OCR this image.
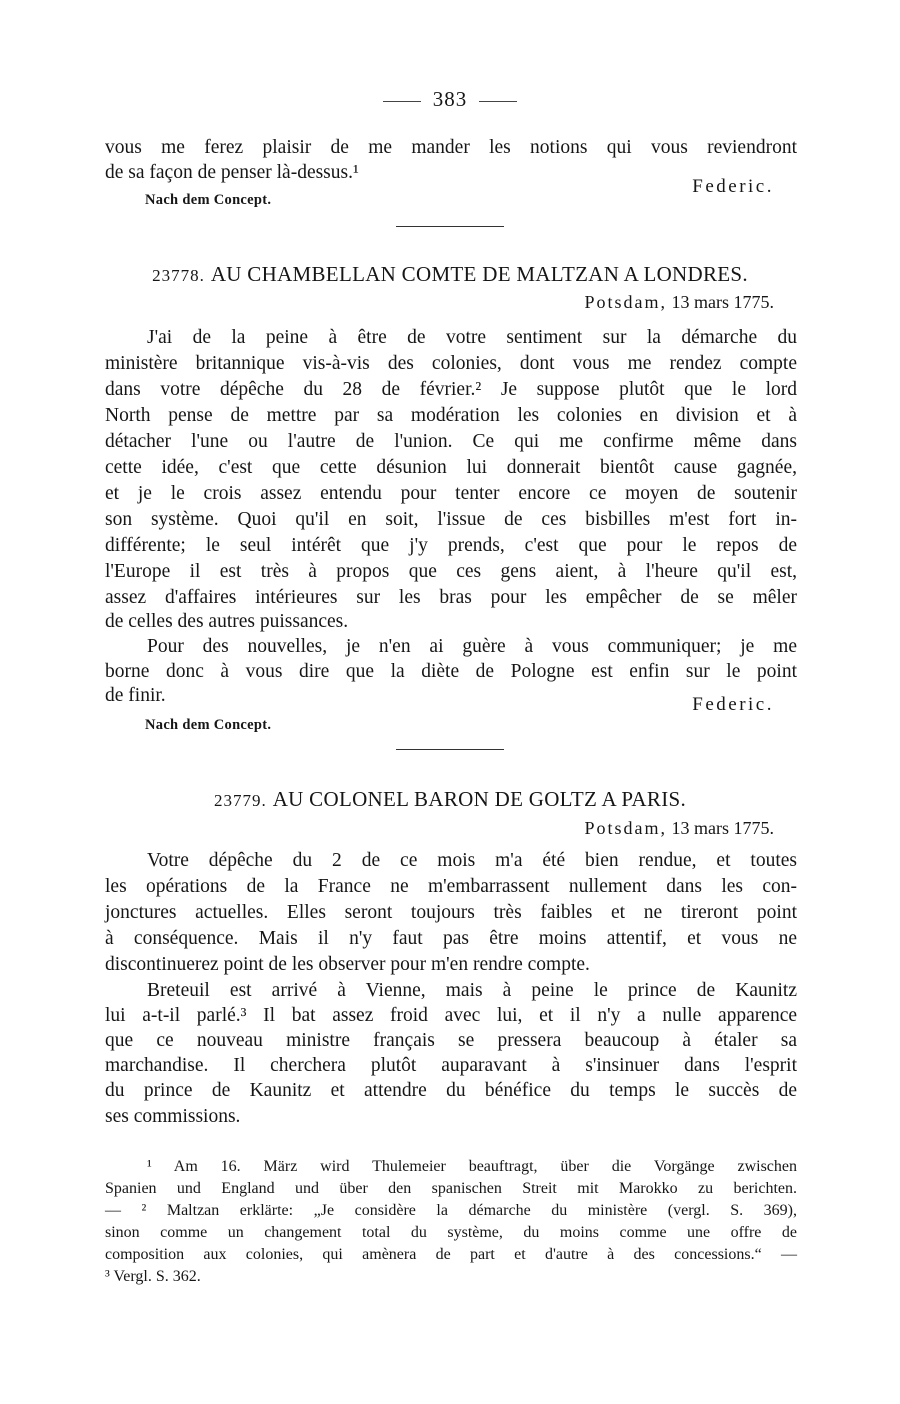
383
vous me ferez plaisir de me mander les notions qui vous reviendront
de sa façon de penser là-dessus.¹
Federic.
Nach dem Concept.
23778. AU CHAMBELLAN COMTE DE MALTZAN A LONDRES.
Potsdam, 13 mars 1775.
J'ai de la peine à être de votre sentiment sur la démarche du
ministère britannique vis-à-vis des colonies, dont vous me rendez compte
dans votre dépêche du 28 de février.² Je suppose plutôt que le lord
North pense de mettre par sa modération les colonies en division et à
détacher l'une ou l'autre de l'union. Ce qui me confirme même dans
cette idée, c'est que cette désunion lui donnerait bientôt cause gagnée,
et je le crois assez entendu pour tenter encore ce moyen de soutenir
son système. Quoi qu'il en soit, l'issue de ces bisbilles m'est fort in-
différente; le seul intérêt que j'y prends, c'est que pour le repos de
l'Europe il est très à propos que ces gens aient, à l'heure qu'il est,
assez d'affaires intérieures sur les bras pour les empêcher de se mêler
de celles des autres puissances.
Pour des nouvelles, je n'en ai guère à vous communiquer; je me
borne donc à vous dire que la diète de Pologne est enfin sur le point
de finir.	Federic.
Nach dem Concept.
23779. AU COLONEL BARON DE GOLTZ A PARIS.
Potsdam, 13 mars 1775.
Votre dépêche du 2 de ce mois m'a été bien rendue, et toutes
les opérations de la France ne m'embarrassent nullement dans les con-
jonctures actuelles. Elles seront toujours très faibles et ne tireront point
à conséquence. Mais il n'y faut pas être moins attentif, et vous ne
discontinuerez point de les observer pour m'en rendre compte.
Breteuil est arrivé à Vienne, mais à peine le prince de Kaunitz
lui a-t-il parlé.³ Il bat assez froid avec lui, et il n'y a nulle apparence
que ce nouveau ministre français se pressera beaucoup à étaler sa
marchandise. Il cherchera plutôt auparavant à s'insinuer dans l'esprit
du prince de Kaunitz et attendre du bénéfice du temps le succès de
ses commissions.
¹ Am 16. März wird Thulemeier beauftragt, über die Vorgänge zwischen
Spanien und England und über den spanischen Streit mit Marokko zu berichten.
— ² Maltzan erklärte: „Je considère la démarche du ministère (vergl. S. 369),
sinon comme un changement total du système, du moins comme une offre de
composition aux colonies, qui amènera de part et d'autre à des concessions.“ —
³ Vergl. S. 362.
